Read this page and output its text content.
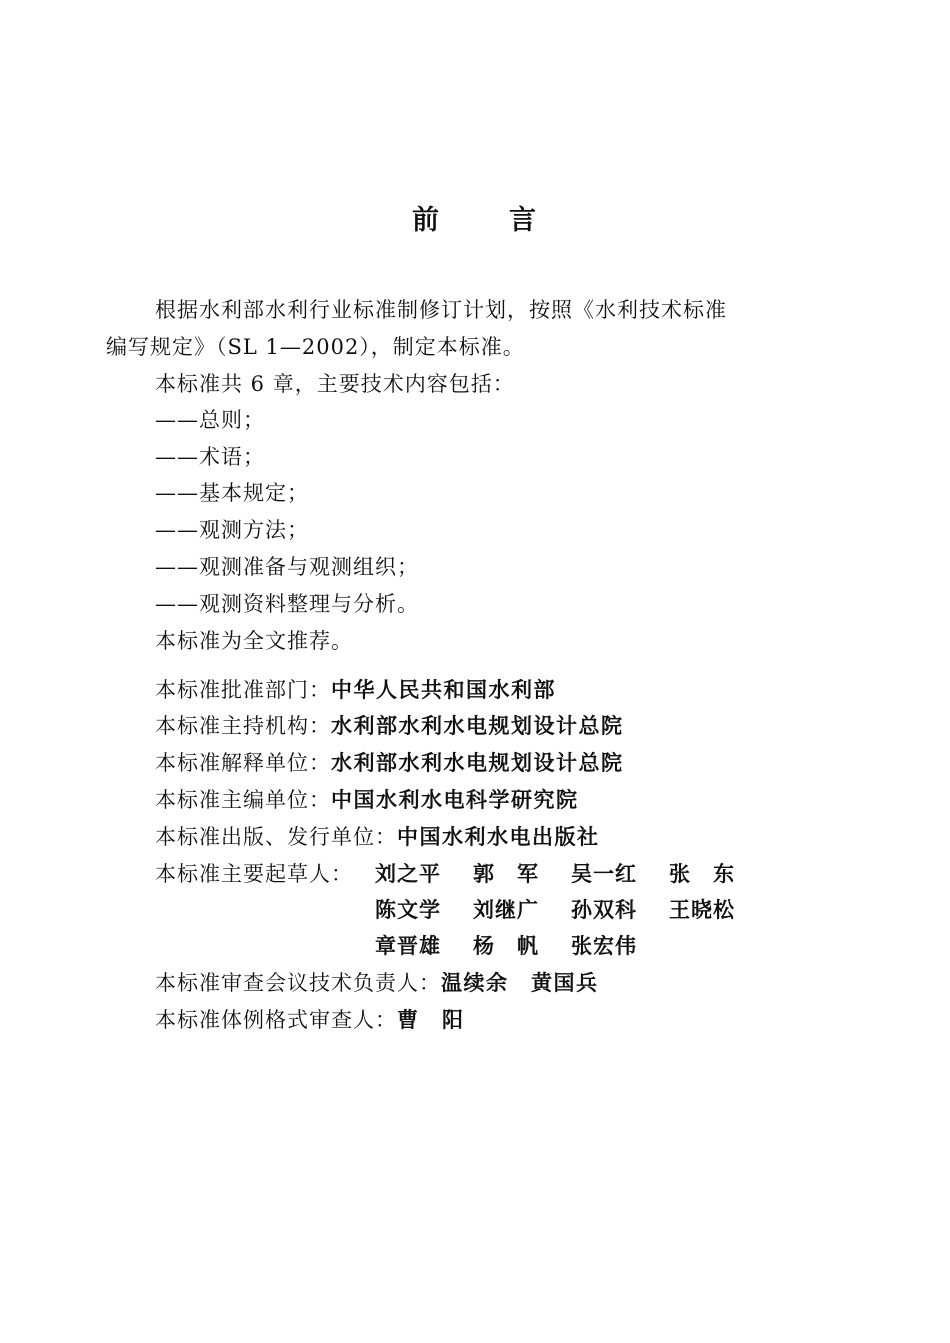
前	言
根据水利部水利行业标准制修订计划，按照《水利技术标准
编写规定》（SL 1—2002），制定本标准。
本标准共 6 章，主要技术内容包括：
——总则；
——术语；
——基本规定；
——观测方法；
——观测准备与观测组织；
——观测资料整理与分析。
本标准为全文推荐。
本标准批准部门：中华人民共和国水利部
本标准主持机构：水利部水利水电规划设计总院
本标准解释单位：水利部水利水电规划设计总院
本标准主编单位：中国水利水电科学研究院
本标准出版、发行单位：中国水利水电出版社
本标准主要起草人： 刘之平 郭　军 吴一红 张　东
陈文学 刘继广 孙双科 王晓松
章晋雄 杨　帆 张宏伟
本标准审查会议技术负责人：温续余　黄国兵
本标准体例格式审查人：曹　阳
